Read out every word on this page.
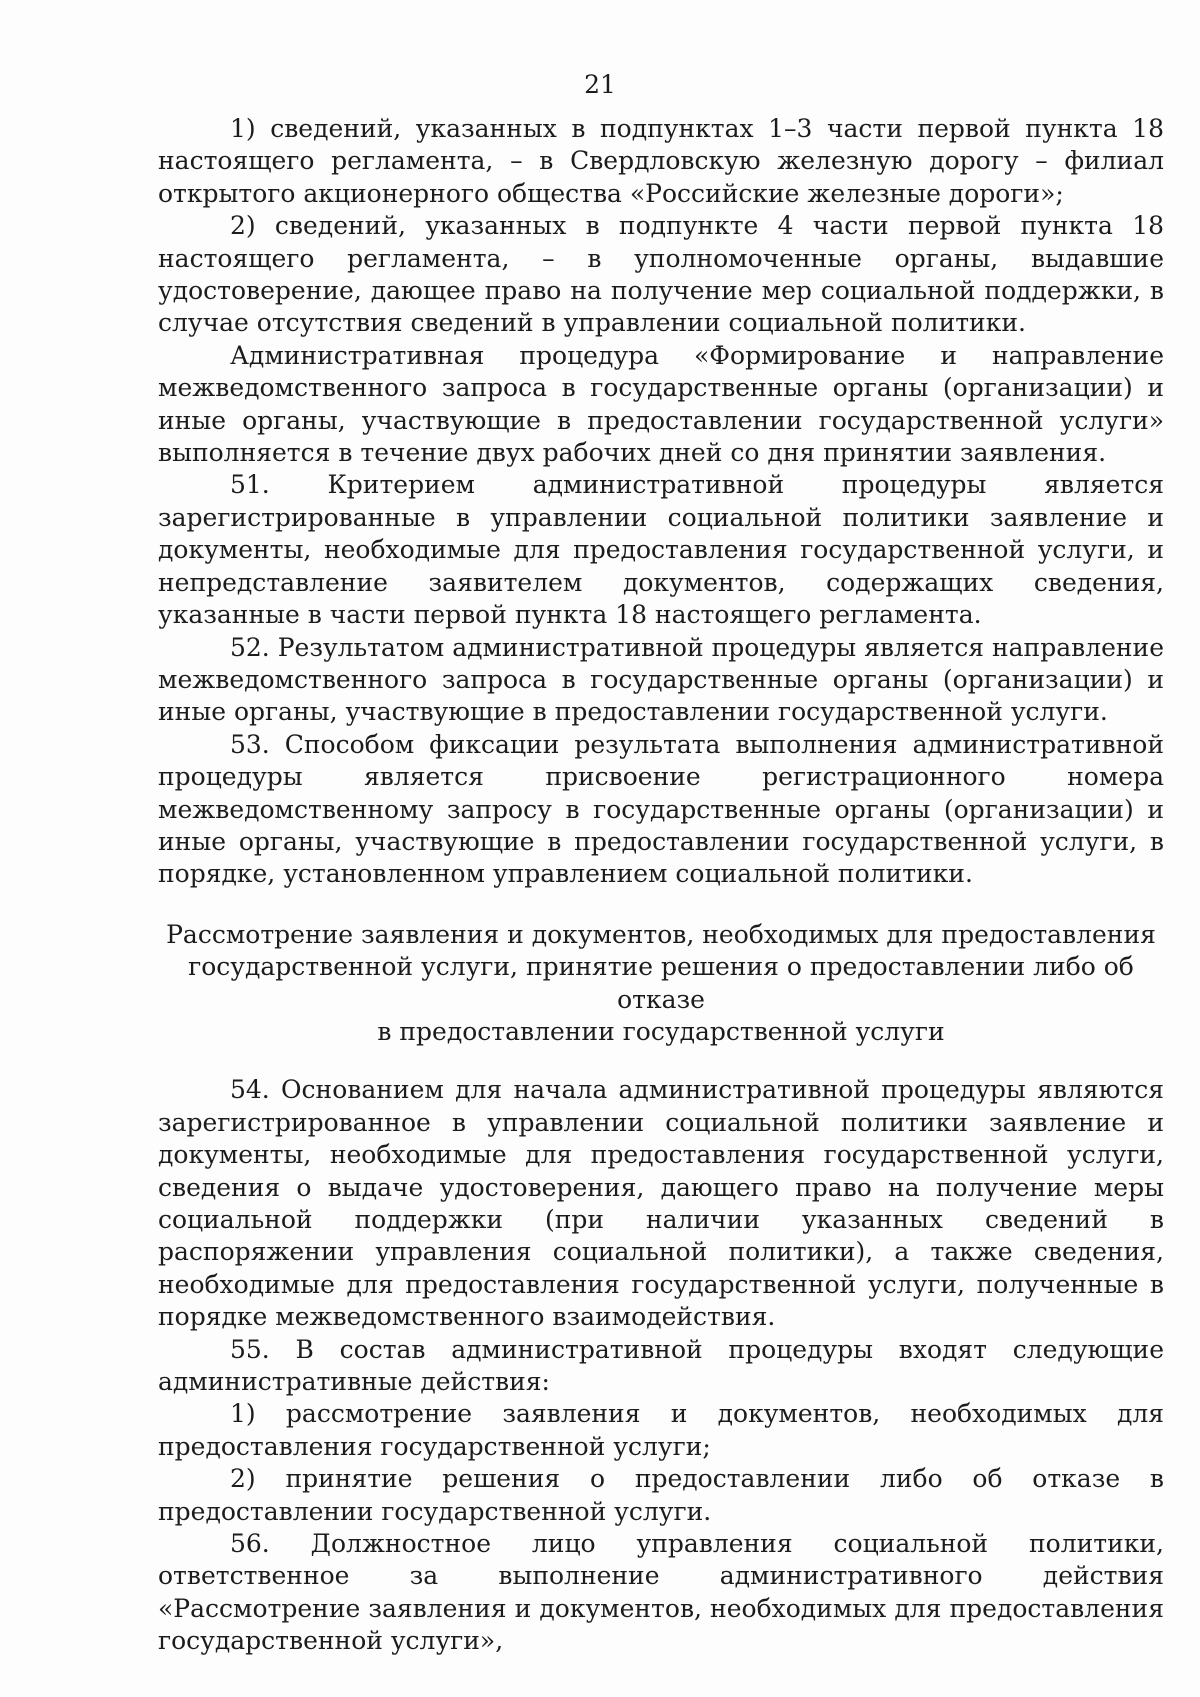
21

1) сведений, указанных в подпунктах 1–3 части первой пункта 18 настоящего регламента, – в Свердловскую железную дорогу – филиал открытого акционерного общества «Российские железные дороги»;

2) сведений, указанных в подпункте 4 части первой пункта 18 настоящего регламента, – в уполномоченные органы, выдавшие удостоверение, дающее право на получение мер социальной поддержки, в случае отсутствия сведений в управлении социальной политики.

Административная процедура «Формирование и направление межведомственного запроса в государственные органы (организации) и иные органы, участвующие в предоставлении государственной услуги» выполняется в течение двух рабочих дней со дня принятии заявления.

51. Критерием административной процедуры является зарегистрированные в управлении социальной политики заявление и документы, необходимые для предоставления государственной услуги, и непредставление заявителем документов, содержащих сведения, указанные в части первой пункта 18 настоящего регламента.

52. Результатом административной процедуры является направление межведомственного запроса в государственные органы (организации) и иные органы, участвующие в предоставлении государственной услуги.

53. Способом фиксации результата выполнения административной процедуры является присвоение регистрационного номера межведомственному запросу в государственные органы (организации) и иные органы, участвующие в предоставлении государственной услуги, в порядке, установленном управлением социальной политики.

Рассмотрение заявления и документов, необходимых для предоставления
государственной услуги, принятие решения о предоставлении либо об отказе
в предоставлении государственной услуги

54. Основанием для начала административной процедуры являются зарегистрированное в управлении социальной политики заявление и документы, необходимые для предоставления государственной услуги, сведения о выдаче удостоверения, дающего право на получение меры социальной поддержки (при наличии указанных сведений в распоряжении управления социальной политики), а также сведения, необходимые для предоставления государственной услуги, полученные в порядке межведомственного взаимодействия.

55. В состав административной процедуры входят следующие административные действия:

1) рассмотрение заявления и документов, необходимых для предоставления государственной услуги;

2) принятие решения о предоставлении либо об отказе в предоставлении государственной услуги.

56. Должностное лицо управления социальной политики, ответственное за выполнение административного действия «Рассмотрение заявления и документов, необходимых для предоставления государственной услуги»,
